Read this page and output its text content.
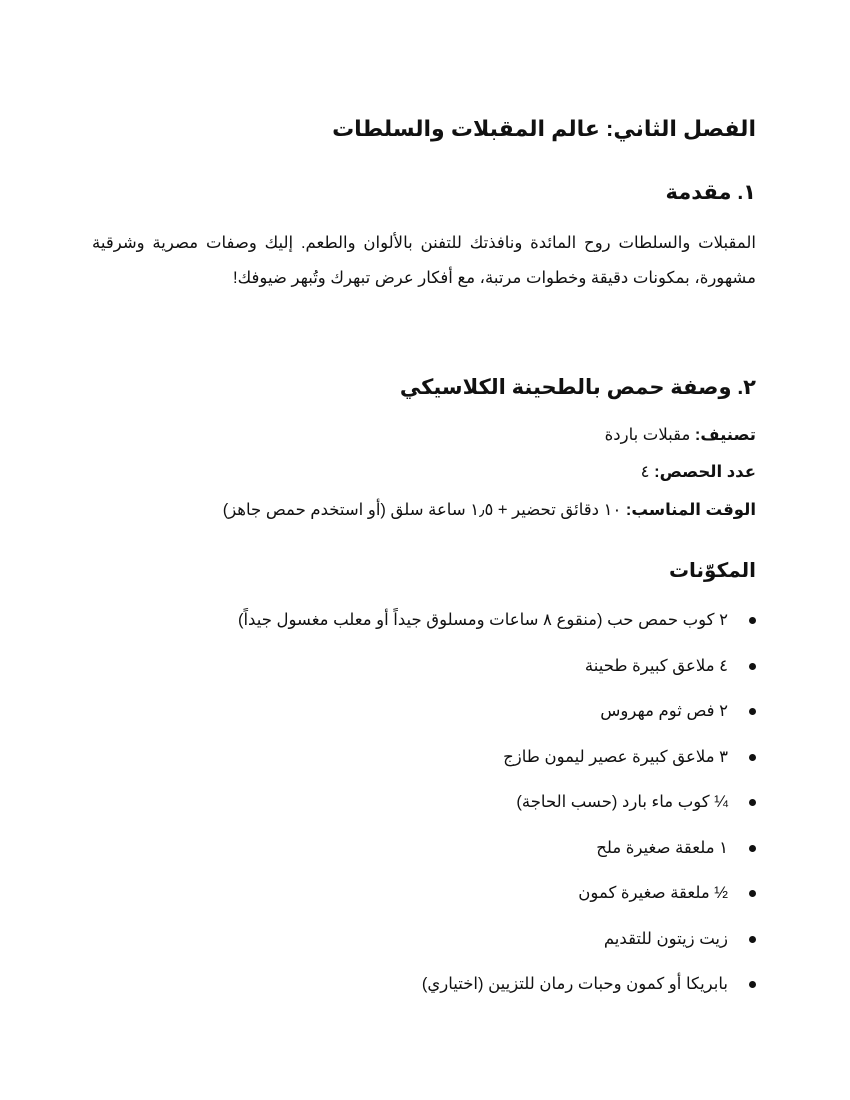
الفصل الثاني: عالم المقبلات والسلطات
١. مقدمة

المقبلات والسلطات روح المائدة ونافذتك للتفنن بالألوان والطعم. إليك وصفات مصرية وشرقية مشهورة، بمكونات دقيقة وخطوات مرتبة، مع أفكار عرض تبهرك وتُبهر ضيوفك!

٢. وصفة حمص بالطحينة الكلاسيكي

تصنيف: مقبلات باردة

عدد الحصص: ٤

الوقت المناسب: ١٠ دقائق تحضير + ١٫٥ ساعة سلق (أو استخدم حمص جاهز)

المكوّنات
٢ كوب حمص حب (منقوع ٨ ساعات ومسلوق جيداً أو معلب مغسول جيداً)
٤ ملاعق كبيرة طحينة
٢ فص ثوم مهروس
٣ ملاعق كبيرة عصير ليمون طازج
¼ كوب ماء بارد (حسب الحاجة)
١ ملعقة صغيرة ملح
½ ملعقة صغيرة كمون
زيت زيتون للتقديم
بابريكا أو كمون وحبات رمان للتزيين (اختياري)
